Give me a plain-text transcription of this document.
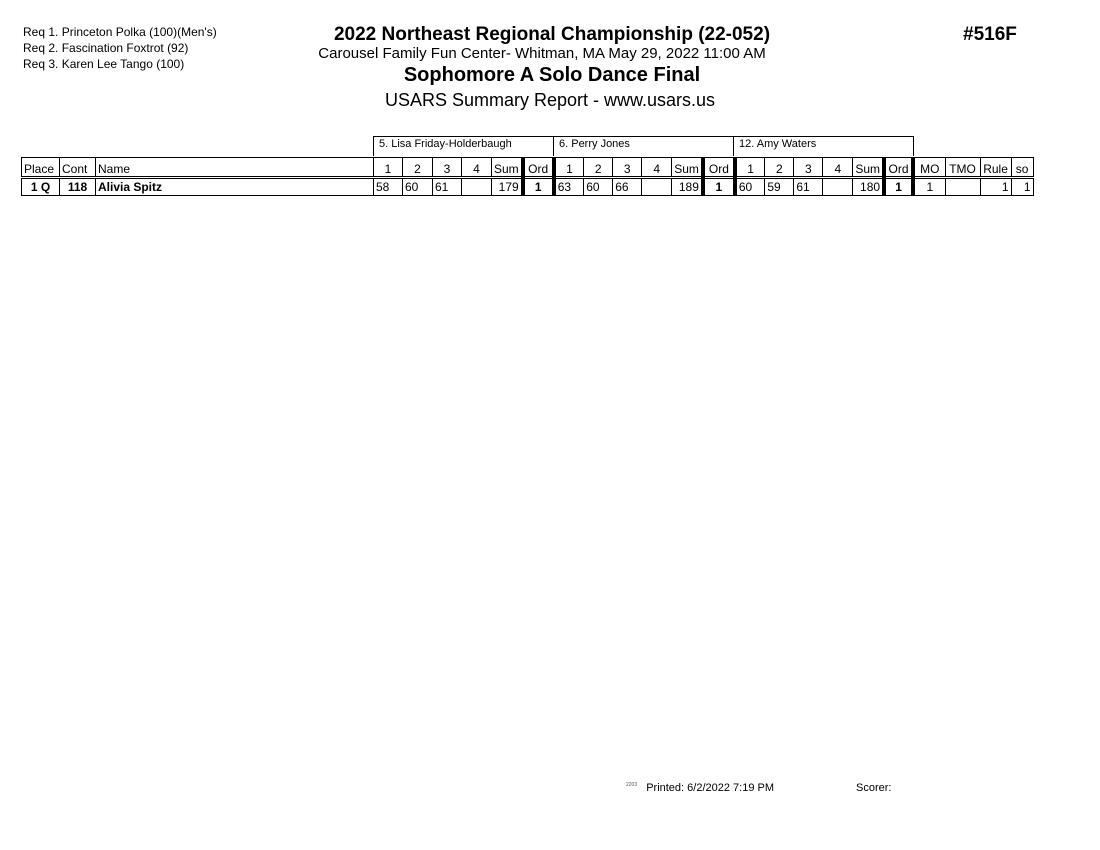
Req 1. Princeton Polka (100)(Men's)
Req 2. Fascination Foxtrot (92)
Req 3. Karen Lee Tango (100)
2022 Northeast Regional Championship (22-052)
Carousel Family Fun Center- Whitman, MA May 29, 2022 11:00 AM
Sophomore A Solo Dance Final
USARS Summary Report - www.usars.us
#516F
5. Lisa Friday-Holderbaugh	6. Perry Jones	12. Amy Waters
Place	Cont	Name	1	2	3	4	Sum	Ord	1	2	3	4	Sum	Ord	1	2	3	4	Sum	Ord	MO	TMO	Rule	so
1 Q	118	Alivia Spitz	58	60	61		179	1	63	60	66		189	1	60	59	61		180	1	1		1	1
$^{2203}$ Printed: 6/2/2022 7:19 PM	Scorer:
